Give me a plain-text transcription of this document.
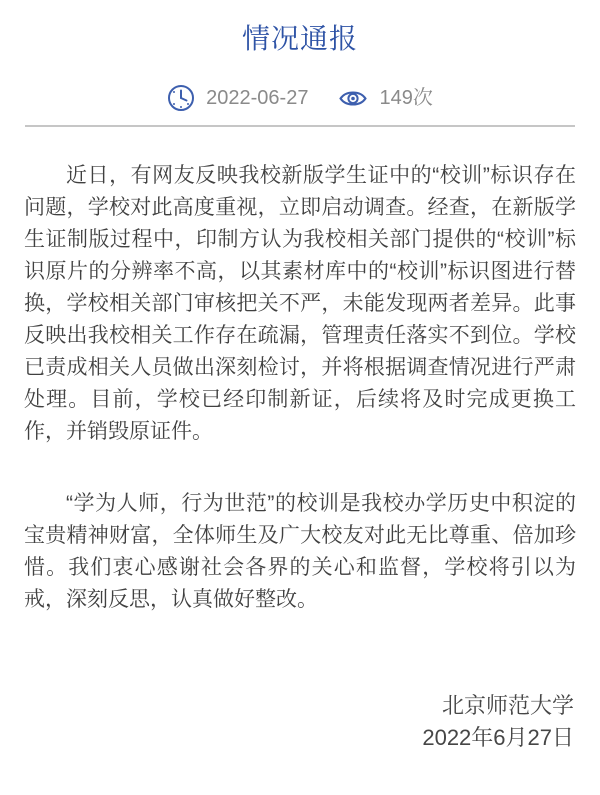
情况通报
2022-06-27	149次

近日，有网友反映我校新版学生证中的“校训”标识存在问题，学校对此高度重视，立即启动调查。经查，在新版学生证制版过程中，印制方认为我校相关部门提供的“校训”标识原片的分辨率不高，以其素材库中的“校训”标识图进行替换，学校相关部门审核把关不严，未能发现两者差异。此事反映出我校相关工作存在疏漏，管理责任落实不到位。学校已责成相关人员做出深刻检讨，并将根据调查情况进行严肃处理。目前，学校已经印制新证，后续将及时完成更换工作，并销毁原证件。

“学为人师，行为世范”的校训是我校办学历史中积淀的宝贵精神财富，全体师生及广大校友对此无比尊重、倍加珍惜。我们衷心感谢社会各界的关心和监督，学校将引以为戒，深刻反思，认真做好整改。

北京师范大学

2022年6月27日
